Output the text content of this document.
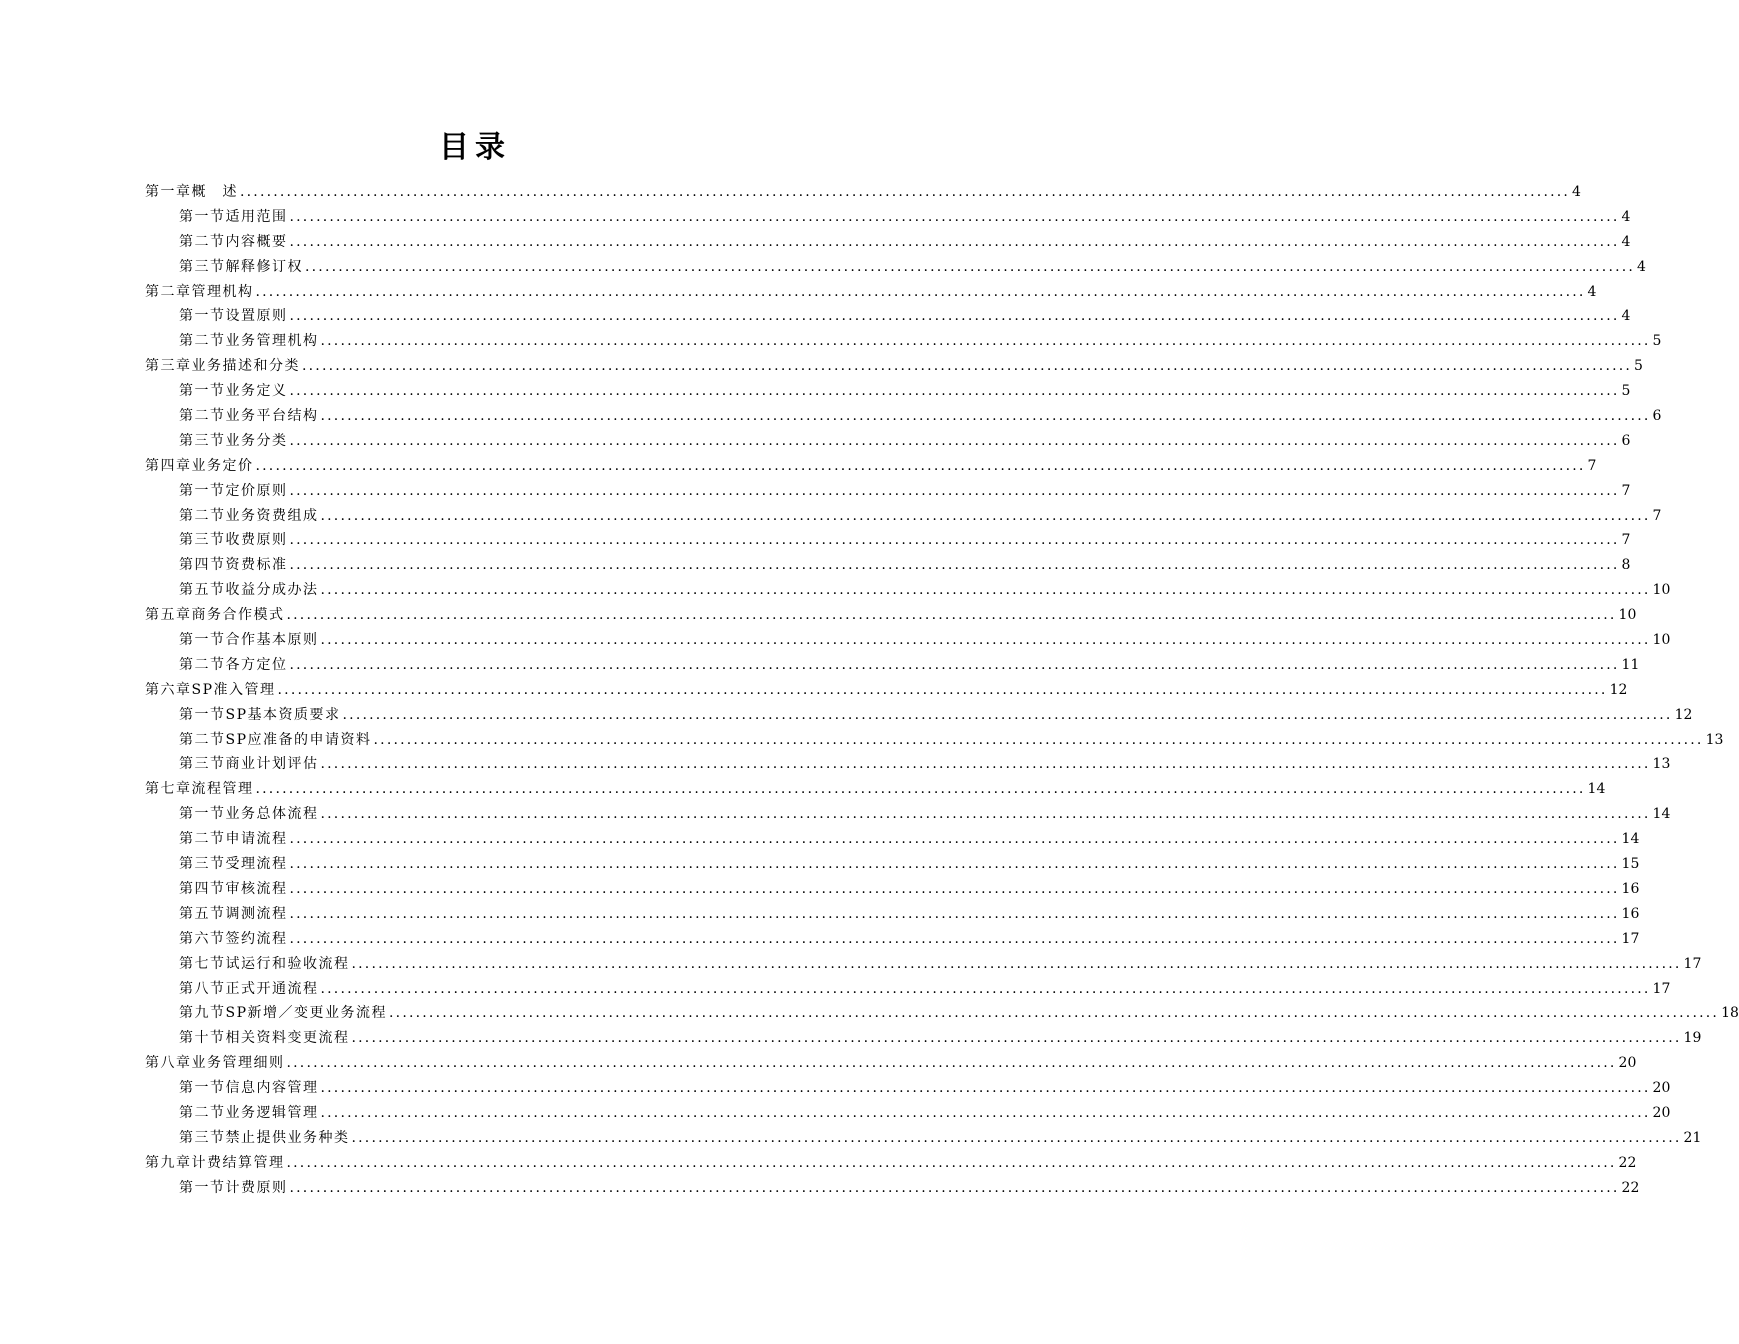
目录
第一章 概　述 ........................................................................................................................................................................................................ 4
第一节 适用范围 ........................................................................................................................................................................................................ 4
第二节 内容概要 ........................................................................................................................................................................................................ 4
第三节 解释修订权 ........................................................................................................................................................................................................ 4
第二章 管理机构 ........................................................................................................................................................................................................ 4
第一节 设置原则 ........................................................................................................................................................................................................ 4
第二节 业务管理机构 ........................................................................................................................................................................................................ 5
第三章 业务描述和分类 ........................................................................................................................................................................................................ 5
第一节 业务定义 ........................................................................................................................................................................................................ 5
第二节 业务平台结构 ........................................................................................................................................................................................................ 6
第三节 业务分类 ........................................................................................................................................................................................................ 6
第四章 业务定价 ........................................................................................................................................................................................................ 7
第一节 定价原则 ........................................................................................................................................................................................................ 7
第二节 业务资费组成 ........................................................................................................................................................................................................ 7
第三节 收费原则 ........................................................................................................................................................................................................ 7
第四节 资费标准 ........................................................................................................................................................................................................ 8
第五节 收益分成办法 ........................................................................................................................................................................................................ 10
第五章 商务合作模式 ........................................................................................................................................................................................................ 10
第一节 合作基本原则 ........................................................................................................................................................................................................ 10
第二节 各方定位 ........................................................................................................................................................................................................ 11
第六章 SP准入管理 ........................................................................................................................................................................................................ 12
第一节 SP基本资质要求 ........................................................................................................................................................................................................ 12
第二节 SP应准备的申请资料 ........................................................................................................................................................................................................ 13
第三节 商业计划评估 ........................................................................................................................................................................................................ 13
第七章 流程管理 ........................................................................................................................................................................................................ 14
第一节 业务总体流程 ........................................................................................................................................................................................................ 14
第二节 申请流程 ........................................................................................................................................................................................................ 14
第三节 受理流程 ........................................................................................................................................................................................................ 15
第四节 审核流程 ........................................................................................................................................................................................................ 16
第五节 调测流程 ........................................................................................................................................................................................................ 16
第六节 签约流程 ........................................................................................................................................................................................................ 17
第七节 试运行和验收流程 ........................................................................................................................................................................................................ 17
第八节 正式开通流程 ........................................................................................................................................................................................................ 17
第九节 SP新增／变更业务流程 ........................................................................................................................................................................................................ 18
第十节 相关资料变更流程 ........................................................................................................................................................................................................ 19
第八章 业务管理细则 ........................................................................................................................................................................................................ 20
第一节 信息内容管理 ........................................................................................................................................................................................................ 20
第二节 业务逻辑管理 ........................................................................................................................................................................................................ 20
第三节 禁止提供业务种类 ........................................................................................................................................................................................................ 21
第九章 计费结算管理 ........................................................................................................................................................................................................ 22
第一节 计费原则 ........................................................................................................................................................................................................ 22
